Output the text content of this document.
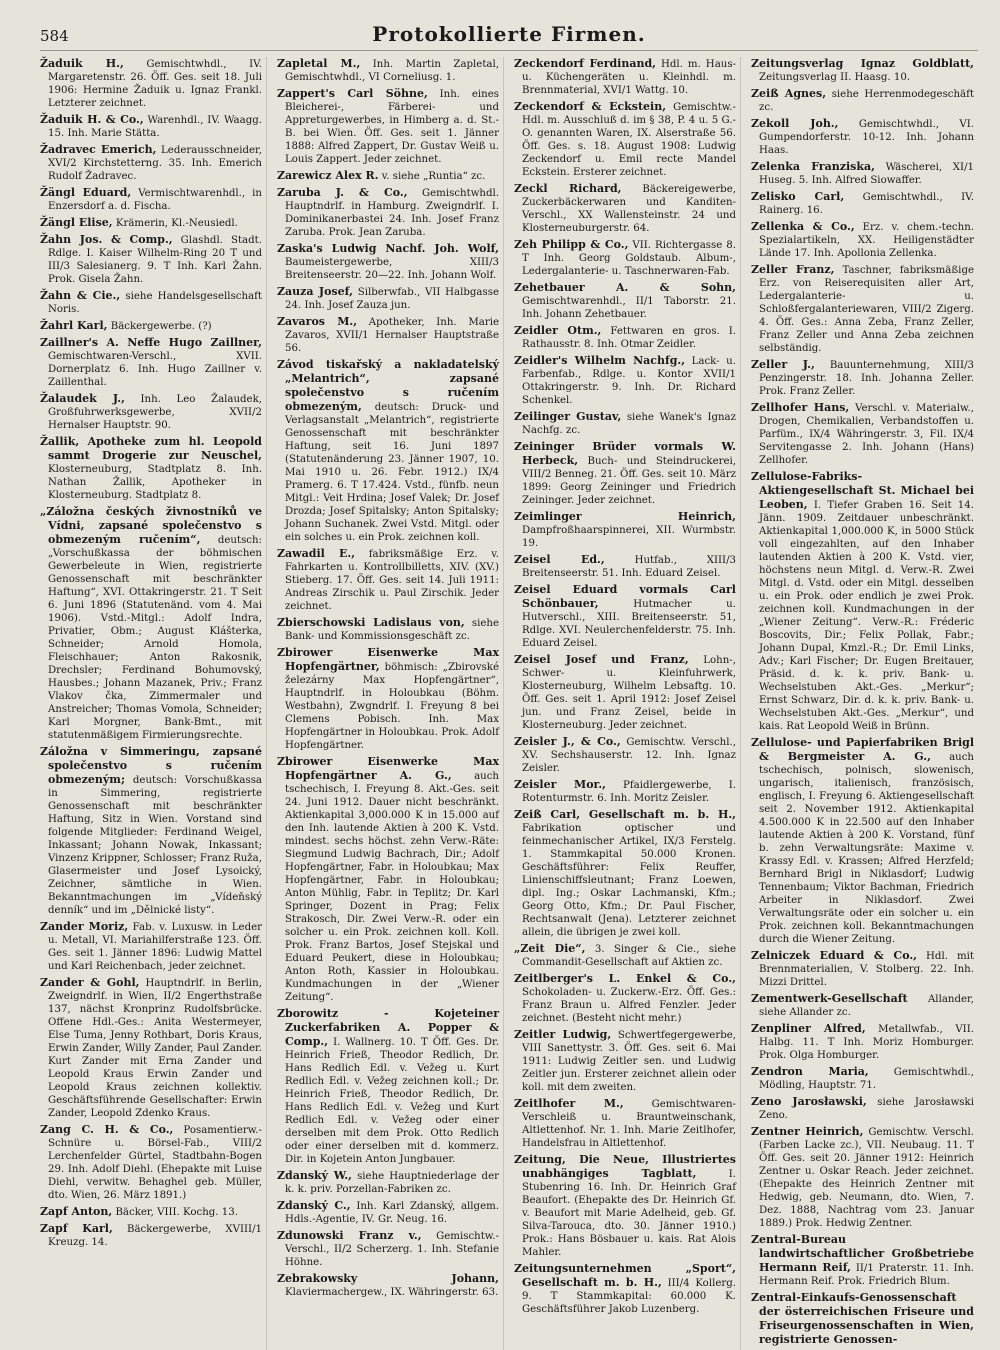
584	Protokollierte Firmen.

Žaduik H., Gemischtwhdl., IV. Margaretenstr. 26. Öff. Ges. seit 18. Juli 1906: Hermine Žaduik u. Ignaz Frankl. Letzterer zeichnet.

Žaduik H. & Co., Warenhdl., IV. Waagg. 15. Inh. Marie Stätta.

Žadravec Emerich, Lederausschneider, XVI/2 Kirchstetterng. 35. Inh. Emerich Rudolf Žadravec.

Žängl Eduard, Vermischtwarenhdl., in Enzersdorf a. d. Fischa.

Žängl Elise, Krämerin, Kl.-Neusiedl.

Žahn Jos. & Comp., Glashdl. Stadt. Rdlge. I. Kaiser Wilhelm-Ring 20 T und III/3 Salesianerg. 9. T Inh. Karl Žahn. Prok. Gisela Žahn.

Žahn & Cie., siehe Handelsgesellschaft Noris.

Žahrl Karl, Bäckergewerbe. (?)

Zaillner's A. Neffe Hugo Zaillner, Gemischtwaren-Verschl., XVII. Dornerplatz 6. Inh. Hugo Zaillner v. Zaillenthal.

Žalaudek J., Inh. Leo Žalaudek, Großfuhrwerksgewerbe, XVII/2 Hernalser Hauptstr. 90.

Žallik, Apotheke zum hl. Leopold sammt Drogerie zur Neuschel, Klosterneuburg, Stadtplatz 8. Inh. Nathan Žallik, Apotheker in Klosterneuburg. Stadtplatz 8.

„Záložna českých živnostníků ve Vídni, zapsané společenstvo s obmezeným ručením“, deutsch: „Vorschußkassa der böhmischen Gewerbeleute in Wien, registrierte Genossenschaft mit beschränkter Haftung“, XVI. Ottakringerstr. 21. T Seit 6. Juni 1896 (Statutenänd. vom 4. Mai 1906). Vstd.-Mitgl.: Adolf Indra, Privatier, Obm.; August Klášterka, Schneider; Arnold Homola, Fleischhauer; Anton Rakosnik, Drechsler; Ferdinand Bohumovský, Hausbes.; Johann Mazanek, Priv.; Franz Vlakov čka, Zimmermaler und Anstreicher; Thomas Vomola, Schneider; Karl Morgner, Bank-Bmt., mit statutenmäßigem Firmierungsrechte.

Záložna v Simmeringu, zapsané společenstvo s ručením obmezeným; deutsch: Vorschußkassa in Simmering, registrierte Genossenschaft mit beschränkter Haftung, Sitz in Wien. Vorstand sind folgende Mitglieder: Ferdinand Weigel, Inkassant; Johann Nowak, Inkassant; Vinzenz Krippner, Schlosser; Franz Ruža, Glasermeister und Josef Lysoický, Zeichner, sämtliche in Wien. Bekanntmachungen im „Vídeňský denník“ und im „Dělnické listy“.

Zander Moriz, Fab. v. Luxusw. in Leder u. Metall, VI. Mariahilferstraße 123. Öff. Ges. seit 1. Jänner 1896: Ludwig Mattel und Karl Reichenbach, jeder zeichnet.

Zander & Gohl, Hauptndrlf. in Berlin, Zweigndrlf. in Wien, II/2 Engerthstraße 137, nächst Kronprinz Rudolfsbrücke. Offene Hdl.-Ges.: Anita Westermeyer, Else Tuma, Jenny Rothbart, Doris Kraus, Erwin Zander, Willy Zander, Paul Zander. Kurt Zander mit Erna Zander und Leopold Kraus Erwin Zander und Leopold Kraus zeichnen kollektiv. Geschäftsführende Gesellschafter: Erwin Zander, Leopold Zdenko Kraus.

Zang C. H. & Co., Posamentierw.-Schnüre u. Börsel-Fab., VIII/2 Lerchenfelder Gürtel, Stadtbahn-Bogen 29. Inh. Adolf Diehl. (Ehepakte mit Luise Diehl, verwitw. Behaghel geb. Müller, dto. Wien, 26. März 1891.)

Zapf Anton, Bäcker, VIII. Kochg. 13.

Zapf Karl, Bäckergewerbe, XVIII/1 Kreuzg. 14.

Zapletal M., Inh. Martin Zapletal, Gemischtwhdl., VI Corneliusg. 1.

Zappert's Carl Söhne, Inh. eines Bleicherei-, Färberei- und Appreturgewerbes, in Himberg a. d. St.-B. bei Wien. Öff. Ges. seit 1. Jänner 1888: Alfred Zappert, Dr. Gustav Weiß u. Louis Zappert. Jeder zeichnet.

Zarewicz Alex R. v. siehe „Runtia“ zc.

Zaruba J. & Co., Gemischtwhdl. Hauptndrlf. in Hamburg. Zweigndrlf. I. Dominikanerbastei 24. Inh. Josef Franz Zaruba. Prok. Jean Zaruba.

Zaska's Ludwig Nachf. Joh. Wolf, Baumeistergewerbe, XIII/3 Breitenseerstr. 20—22. Inh. Johann Wolf.

Zauza Josef, Silberwfab., VII Halbgasse 24. Inh. Josef Zauza jun.

Zavaros M., Apotheker, Inh. Marie Zavaros, XVII/1 Hernalser Hauptstraße 56.

Závod tiskařský a nakladatelský „Melantrich“, zapsané společenstvo s ručením obmezeným, deutsch: Druck- und Verlagsanstalt „Melantrich“, registrierte Genossenschaft mit beschränkter Haftung, seit 16. Juni 1897 (Statutenänderung 23. Jänner 1907, 10. Mai 1910 u. 26. Febr. 1912.) IX/4 Pramerg. 6. T 17.424. Vstd., fünfb. neun Mitgl.: Veit Hrdina; Josef Valek; Dr. Josef Drozda; Josef Spitalsky; Anton Spitalsky; Johann Suchanek. Zwei Vstd. Mitgl. oder ein solches u. ein Prok. zeichnen koll.

Zawadil E., fabriksmäßige Erz. v. Fahrkarten u. Kontrollbilletts, XIV. (XV.) Stieberg. 17. Öff. Ges. seit 14. Juli 1911: Andreas Zirschik u. Paul Zirschik. Jeder zeichnet.

Zbierschowski Ladislaus von, siehe Bank- und Kommissionsgeschäft zc.

Zbirower Eisenwerke Max Hopfengärtner, böhmisch: „Zbirovské železárny Max Hopfengärtner“, Hauptndrlf. in Holoubkau (Böhm. Westbahn), Zwgndrlf. I. Freyung 8 bei Clemens Pobisch. Inh. Max Hopfengärtner in Holoubkau. Prok. Adolf Hopfengärtner.

Zbirower Eisenwerke Max Hopfengärtner A. G., auch tschechisch, I. Freyung 8. Akt.-Ges. seit 24. Juni 1912. Dauer nicht beschränkt. Aktienkapital 3,000.000 K in 15.000 auf den Inh. lautende Aktien à 200 K. Vstd. mindest. sechs höchst. zehn Verw.-Räte: Siegmund Ludwig Bachrach, Dir.; Adolf Hopfengärtner, Fabr. in Holoubkau; Max Hopfengärtner, Fabr. in Holoubkau; Anton Mühlig, Fabr. in Teplitz; Dr. Karl Springer, Dozent in Prag; Felix Strakosch, Dir. Zwei Verw.-R. oder ein solcher u. ein Prok. zeichnen koll. Koll. Prok. Franz Bartos, Josef Stejskal und Eduard Peukert, diese in Holoubkau; Anton Roth, Kassier in Holoubkau. Kundmachungen in der „Wiener Zeitung“.

Zborowitz - Kojeteiner Zuckerfabriken A. Popper & Comp., I. Wallnerg. 10. T Öff. Ges. Dr. Heinrich Frieß, Theodor Redlich, Dr. Hans Redlich Edl. v. Vežeg u. Kurt Redlich Edl. v. Vežeg zeichnen koll.; Dr. Heinrich Frieß, Theodor Redlich, Dr. Hans Redlich Edl. v. Vežeg und Kurt Redlich Edl. v. Vežeg oder einer derselben mit dem Prok. Otto Redlich oder einer derselben mit d. kommerz. Dir. in Kojetein Anton Jungbauer.

Zdanský W., siehe Hauptniederlage der k. k. priv. Porzellan-Fabriken zc.

Zdanský C., Inh. Karl Zdanský, allgem. Hdls.-Agentie, IV. Gr. Neug. 16.

Zdunowski Franz v., Gemischtw.-Verschl., II/2 Scherzerg. 1. Inh. Stefanie Höhne.

Zebrakowsky Johann, Klaviermachergew., IX. Währingerstr. 63.

Zeckendorf Ferdinand, Hdl. m. Haus- u. Küchengeräten u. Kleinhdl. m. Brennmaterial, XVI/1 Wattg. 10.

Zeckendorf & Eckstein, Gemischtw.-Hdl. m. Ausschluß d. im § 38, P. 4 u. 5 G.-O. genannten Waren, IX. Alserstraße 56. Öff. Ges. s. 18. August 1908: Ludwig Zeckendorf u. Emil recte Mandel Eckstein. Ersterer zeichnet.

Zeckl Richard, Bäckereigewerbe, Zuckerbäckerwaren und Kanditen-Verschl., XX Wallensteinstr. 24 und Klosterneuburgerstr. 64.

Zeh Philipp & Co., VII. Richtergasse 8. T Inh. Georg Goldstaub. Album-, Ledergalanterie- u. Taschnerwaren-Fab.

Zehetbauer A. & Sohn, Gemischtwarenhdl., II/1 Taborstr. 21. Inh. Johann Zehetbauer.

Zeidler Otm., Fettwaren en gros. I. Rathausstr. 8. Inh. Otmar Zeidler.

Zeidler's Wilhelm Nachfg., Lack- u. Farbenfab., Rdlge. u. Kontor XVII/1 Ottakringerstr. 9. Inh. Dr. Richard Schenkel.

Zeilinger Gustav, siehe Wanek's Ignaz Nachfg. zc.

Zeininger Brüder vormals W. Herbeck, Buch- und Steindruckerei, VIII/2 Benneg. 21. Öff. Ges. seit 10. März 1899: Georg Zeininger und Friedrich Zeininger. Jeder zeichnet.

Zeimlinger Heinrich, Dampfroßhaarspinnerei, XII. Wurmbstr. 19.

Zeisel Ed.,	Hutfab., XIII/3 Breitenseerstr. 51. Inh. Eduard Zeisel.

Zeisel Eduard vormals Carl Schönbauer,	Hutmacher u. Hutverschl., XIII. Breitenseerstr. 51, Rdlge. XVI. Neulerchenfelderstr. 75. Inh. Eduard Zeisel.

Zeisel Josef und Franz, Lohn-, Schwer- u. Kleinfuhrwerk, Klosterneuburg, Wilhelm Lebsaftg. 10. Öff. Ges. seit 1. April 1912: Josef Zeisel jun. und Franz Zeisel, beide in Klosterneuburg. Jeder zeichnet.

Zeisler J., & Co., Gemischtw. Verschl., XV. Sechshauserstr. 12. Inh. Ignaz Zeisler.

Zeisler Mor., Pfaidlergewerbe, I. Rotenturmstr. 6. Inh. Moritz Zeisler.

Zeiß Carl, Gesellschaft m. b. H., Fabrikation optischer und feinmechanischer Artikel, IX/3 Ferstelg. 1. Stammkapital 50.000 Kronen. Geschäftsführer: Felix Reuffer, Linienschiffsleutnant; Franz Loewen, dipl. Ing.; Oskar Lachmanski, Kfm.; Georg Otto, Kfm.; Dr. Paul Fischer, Rechtsanwalt (Jena). Letzterer zeichnet allein, die übrigen je zwei koll.

„Zeit Die“, 3. Singer & Cie., siehe Commandit-Gesellschaft auf Aktien zc.

Zeitlberger's L. Enkel & Co., Schokoladen- u. Zuckerw.-Erz. Öff. Ges.: Franz Braun u. Alfred Fenzler. Jeder zeichnet. (Besteht nicht mehr.)

Zeitler Ludwig, Schwertfegergewerbe, VIII Sanettystr. 3. Öff. Ges. seit 6. Mai 1911: Ludwig Zeitler sen. und Ludwig Zeitler jun. Ersterer zeichnet allein oder koll. mit dem zweiten.

Zeitlhofer M.,	Gemischtwaren-Verschleiß u. Brauntweinschank, Altlettenhof. Nr. 1. Inh. Marie Zeitlhofer, Handelsfrau in Altlettenhof.

Zeitung, Die Neue, Illustriertes unabhängiges Tagblatt,	I. Stubenring 16. Inh. Dr. Heinrich Graf Beaufort. (Ehepakte des Dr. Heinrich Gf. v. Beaufort mit Marie Adelheid, geb. Gf. Silva-Tarouca, dto. 30. Jänner 1910.) Prok.: Hans Bösbauer u. kais. Rat Alois Mahler.

Zeitungsunternehmen „Sport“, Gesellschaft m. b. H., III/4 Kollerg. 9. T Stammkapital: 60.000 K. Geschäftsführer Jakob Luzenberg.

Zeitungsverlag Ignaz Goldblatt, Zeitungsverlag II. Haasg. 10.

Zeiß Agnes, siehe Herrenmodegeschäft zc.

Zekoll Joh., Gemischtwhdl., VI. Gumpendorferstr. 10-12. Inh. Johann Haas.

Zelenka Franziska, Wäscherei, XI/1 Huseg. 5. Inh. Alfred Siowaffer.

Zelisko Carl, Gemischtwhdl., IV. Rainerg. 16.

Zellenka & Co., Erz. v. chem.-techn. Spezialartikeln, XX. Heiligenstädter Lände 17. Inh. Apollonia Zellenka.

Zeller Franz, Taschner, fabriksmäßige Erz. von Reiserequisiten aller Art, Ledergalanterie- u. Schloßfergalanteriewaren, VIII/2 Zigerg. 4. Öff. Ges.: Anna Zeba, Franz Zeller, Franz Zeller und Anna Zeba zeichnen selbständig.

Zeller J., Bauunternehmung, XIII/3 Penzingerstr. 18. Inh. Johanna Zeller. Prok. Franz Zeller.

Zellhofer Hans, Verschl. v. Materialw., Drogen, Chemikalien, Verbandstoffen u. Parfüm., IX/4 Währingerstr. 3, Fil. IX/4 Servitengasse 2. Inh. Johann (Hans) Zellhofer.

Zellulose-Fabriks-Aktiengesellschaft St. Michael bei Leoben, I. Tiefer Graben 16. Seit 14. Jänn. 1909. Zeitdauer unbeschränkt. Aktienkapital 1,000.000 K, in 5000 Stück voll eingezahlten, auf den Inhaber lautenden Aktien à 200 K. Vstd. vier, höchstens neun Mitgl. d. Verw.-R. Zwei Mitgl. d. Vstd. oder ein Mitgl. desselben u. ein Prok. oder endlich je zwei Prok. zeichnen koll. Kundmachungen in der „Wiener Zeitung“. Verw.-R.: Fréderic Boscovits, Dir.; Felix Pollak, Fabr.; Johann Dupal, Kmzl.-R.; Dr. Emil Links, Adv.; Karl Fischer; Dr. Eugen Breitauer, Präsid. d. k. k. priv. Bank- u. Wechselstuben Akt.-Ges. „Merkur“; Ernst Schwarz, Dir. d. k. k. priv. Bank- u. Wechselstuben Akt.-Ges. „Merkur“, und kais. Rat Leopold Weiß in Brünn.

Zellulose- und Papierfabriken Brigl & Bergmeister A. G., auch tschechisch, polnisch, slowenisch, ungarisch, italienisch, französisch, englisch, I. Freyung 6. Aktiengesellschaft seit 2. November 1912. Aktienkapital 4.500.000 K in 22.500 auf den Inhaber lautende Aktien à 200 K. Vorstand, fünf b. zehn Verwaltungsräte: Maxime v. Krassy Edl. v. Krassen; Alfred Herzfeld; Bernhard Brigl in Niklasdorf; Ludwig Tennenbaum; Viktor Bachman, Friedrich Arbeiter in Niklasdorf. Zwei Verwaltungsräte oder ein solcher u. ein Prok. zeichnen koll. Bekanntmachungen durch die Wiener Zeitung.

Zelniczek Eduard & Co., Hdl. mit Brennmaterialien, V. Stolberg. 22. Inh. Mizzi Drittel.

Zementwerk-Gesellschaft Allander, siehe Allander zc.

Zenpliner Alfred, Metallwfab., VII. Halbg. 11. T Inh. Moriz Homburger. Prok. Olga Homburger.

Zendron Maria, Gemischtwhdl., Mödling, Hauptstr. 71.

Zeno Jarosławski, siehe Jarosławski Zeno.

Zentner Heinrich, Gemischtw. Verschl. (Farben Lacke zc.), VII. Neubaug. 11. T Öff. Ges. seit 20. Jänner 1912: Heinrich Zentner u. Oskar Reach. Jeder zeichnet. (Ehepakte des Heinrich Zentner mit Hedwig, geb. Neumann, dto. Wien, 7. Dez. 1888, Nachtrag vom 23. Januar 1889.) Prok. Hedwig Zentner.

Zentral-Bureau landwirtschaftlicher Großbetriebe Hermann Reif, II/1 Praterstr. 11. Inh. Hermann Reif. Prok. Friedrich Blum.

Zentral-Einkaufs-Genossenschaft der österreichischen Friseure und Friseurgenossenschaften in Wien, registrierte Genossen-
